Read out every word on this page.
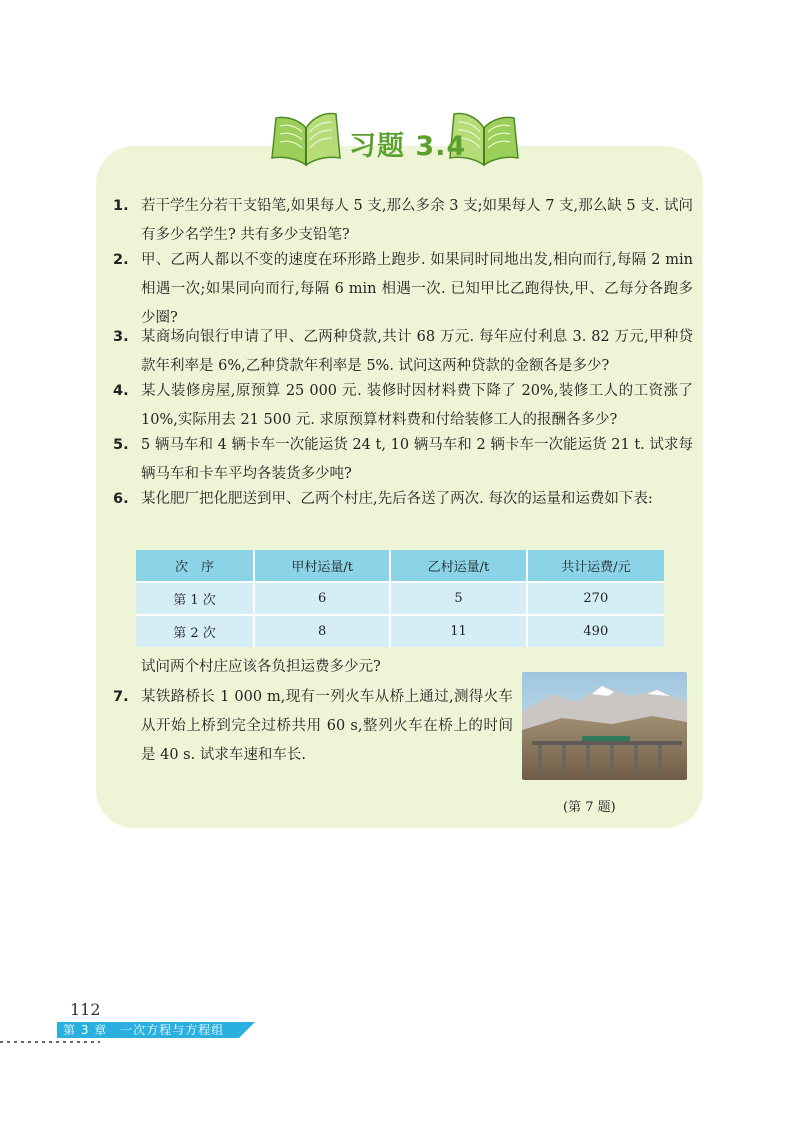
习题 3.4
1. 若干学生分若干支铅笔,如果每人 5 支,那么多余 3 支;如果每人 7 支,那么缺 5 支. 试问有多少名学生? 共有多少支铅笔?
2. 甲、乙两人都以不变的速度在环形路上跑步. 如果同时同地出发,相向而行,每隔 2 min相遇一次;如果同向而行,每隔 6 min 相遇一次. 已知甲比乙跑得快,甲、乙每分各跑多少圈?
3. 某商场向银行申请了甲、乙两种贷款,共计 68 万元. 每年应付利息 3. 82 万元,甲种贷款年利率是 6%,乙种贷款年利率是 5%. 试问这两种贷款的金额各是多少?
4. 某人装修房屋,原预算 25 000 元. 装修时因材料费下降了 20%,装修工人的工资涨了 10%,实际用去 21 500 元. 求原预算材料费和付给装修工人的报酬各多少?
5. 5 辆马车和 4 辆卡车一次能运货 24 t, 10 辆马车和 2 辆卡车一次能运货 21 t. 试求每辆马车和卡车平均各装货多少吨?
6. 某化肥厂把化肥送到甲、乙两个村庄,先后各送了两次. 每次的运量和运费如下表:
次　序	甲村运量/t	乙村运量/t	共计运费/元
第 1 次	6	5	270
第 2 次	8	11	490
试问两个村庄应该各负担运费多少元?
7. 某铁路桥长 1 000 m,现有一列火车从桥上通过,测得火车从开始上桥到完全过桥共用 60 s,整列火车在桥上的时间是 40 s. 试求车速和车长.
(第 7 题)
112
第 3 章　一次方程与方程组
